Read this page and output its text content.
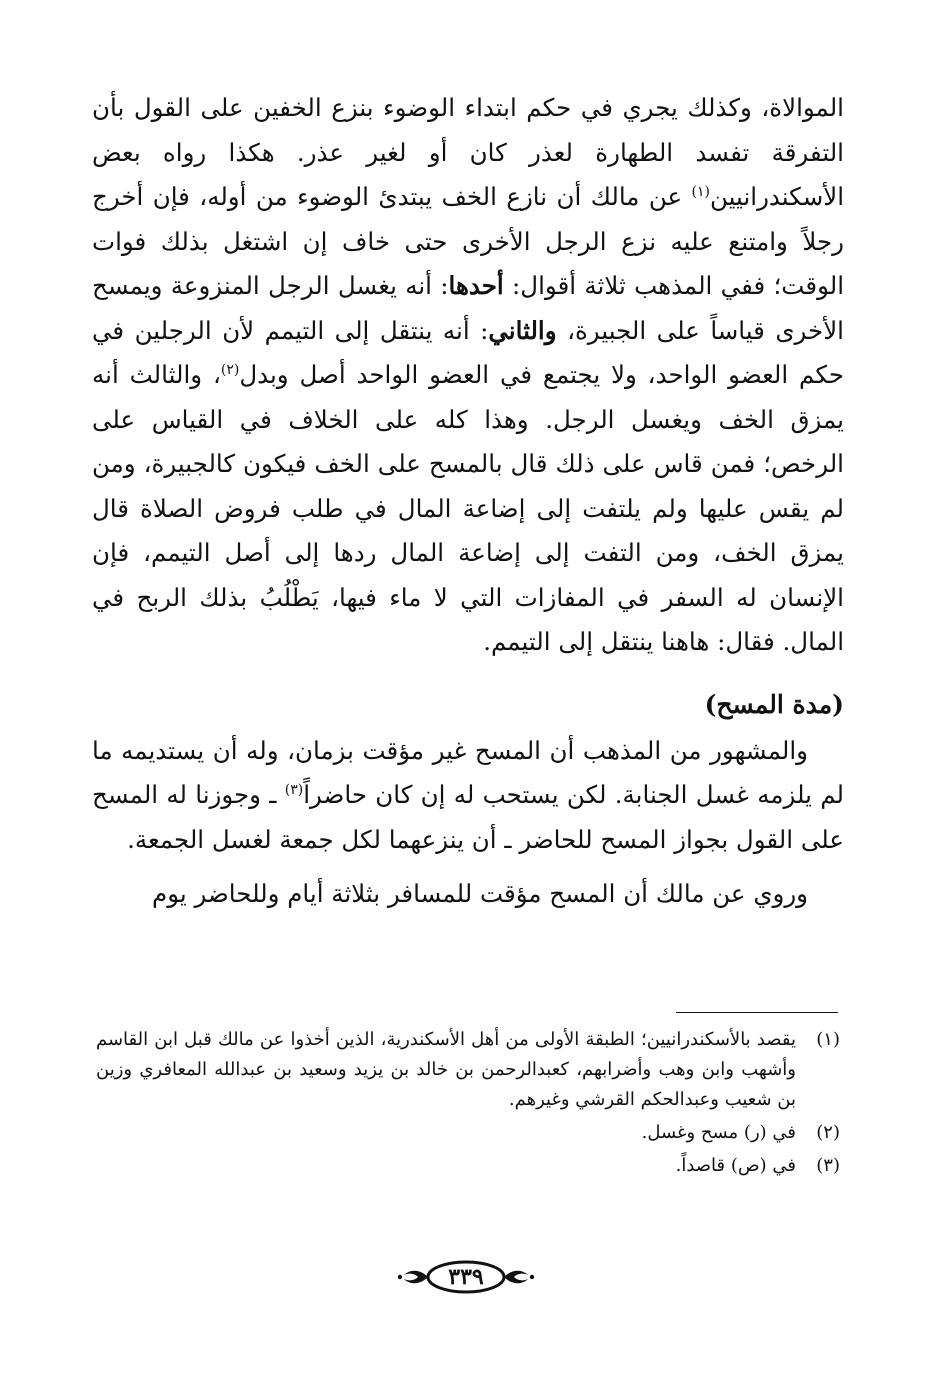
الموالاة، وكذلك يجري في حكم ابتداء الوضوء بنزع الخفين على القول بأن التفرقة تفسد الطهارة لعذر كان أو لغير عذر. هكذا رواه بعض الأسكندرانيين$^{(١)}$ عن مالك أن نازع الخف يبتدئ الوضوء من أوله، فإن أخرج رجلاً وامتنع عليه نزع الرجل الأخرى حتى خاف إن اشتغل بذلك فوات الوقت؛ ففي المذهب ثلاثة أقوال: أحدها: أنه يغسل الرجل المنزوعة ويمسح الأخرى قياساً على الجبيرة، والثاني: أنه ينتقل إلى التيمم لأن الرجلين في حكم العضو الواحد، ولا يجتمع في العضو الواحد أصل وبدل$^{(٢)}$، والثالث أنه يمزق الخف ويغسل الرجل. وهذا كله على الخلاف في القياس على الرخص؛ فمن قاس على ذلك قال بالمسح على الخف فيكون كالجبيرة، ومن لم يقس عليها ولم يلتفت إلى إضاعة المال في طلب فروض الصلاة قال يمزق الخف، ومن التفت إلى إضاعة المال ردها إلى أصل التيمم، فإن الإنسان له السفر في المفازات التي لا ماء فيها، يَطْلُبُ بذلك الربح في المال. فقال: هاهنا ينتقل إلى التيمم.

(مدة المسح)

والمشهور من المذهب أن المسح غير مؤقت بزمان، وله أن يستديمه ما لم يلزمه غسل الجنابة. لكن يستحب له إن كان حاضراً$^{(٣)}$ ـ وجوزنا له المسح على القول بجواز المسح للحاضر ـ أن ينزعهما لكل جمعة لغسل الجمعة.

وروي عن مالك أن المسح مؤقت للمسافر بثلاثة أيام وللحاضر يوم

(١)
يقصد بالأسكندرانيين؛ الطبقة الأولى من أهل الأسكندرية، الذين أخذوا عن مالك قبل ابن القاسم وأشهب وابن وهب وأضرابهم، كعبدالرحمن بن خالد بن يزيد وسعيد بن عبدالله المعافري وزين بن شعيب وعبدالحكم القرشي وغيرهم.
(٢)
في (ر) مسح وغسل.
(٣)
في (ص) قاصداً.
٣٣٩
